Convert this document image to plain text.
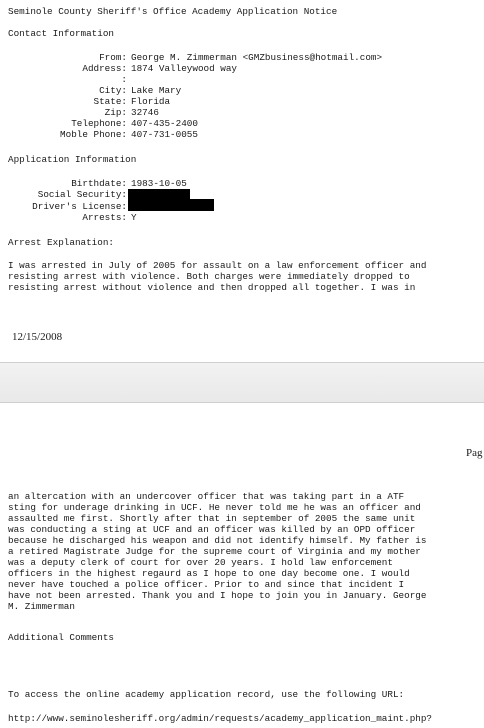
Seminole County Sheriff's Office Academy Application Notice
Contact Information
From: George M. Zimmerman <GMZbusiness@hotmail.com>
Address: 1874 Valleywood way
:
City: Lake Mary
State: Florida
Zip: 32746
Telephone: 407-435-2400
Moble Phone: 407-731-0055
Application Information
Birthdate: 1983-10-05
Social Security:
Driver's License:
Arrests: Y
Arrest Explanation:
I was arrested in July of 2005 for assault on a law enforcement officer and
resisting arrest with violence. Both charges were immediately dropped to
resisting arrest without violence and then dropped all together. I was in
12/15/2008
Pag
an altercation with an undercover officer that was taking part in a ATF
sting for underage drinking in UCF. He never told me he was an officer and
assaulted me first. Shortly after that in september of 2005 the same unit
was conducting a sting at UCF and an officer was killed by an OPD officer
because he discharged his weapon and did not identify himself. My father is
a retired Magistrate Judge for the supreme court of Virginia and my mother
was a deputy clerk of court for over 20 years. I hold law enforcement
officers in the highest regaurd as I hope to one day become one. I would
never have touched a police officer. Prior to and since that incident I
have not been arrested. Thank you and I hope to join you in January. George
M. Zimmerman
Additional Comments
To access the online academy application record, use the following URL:
http://www.seminolesheriff.org/admin/requests/academy_application_maint.php?
